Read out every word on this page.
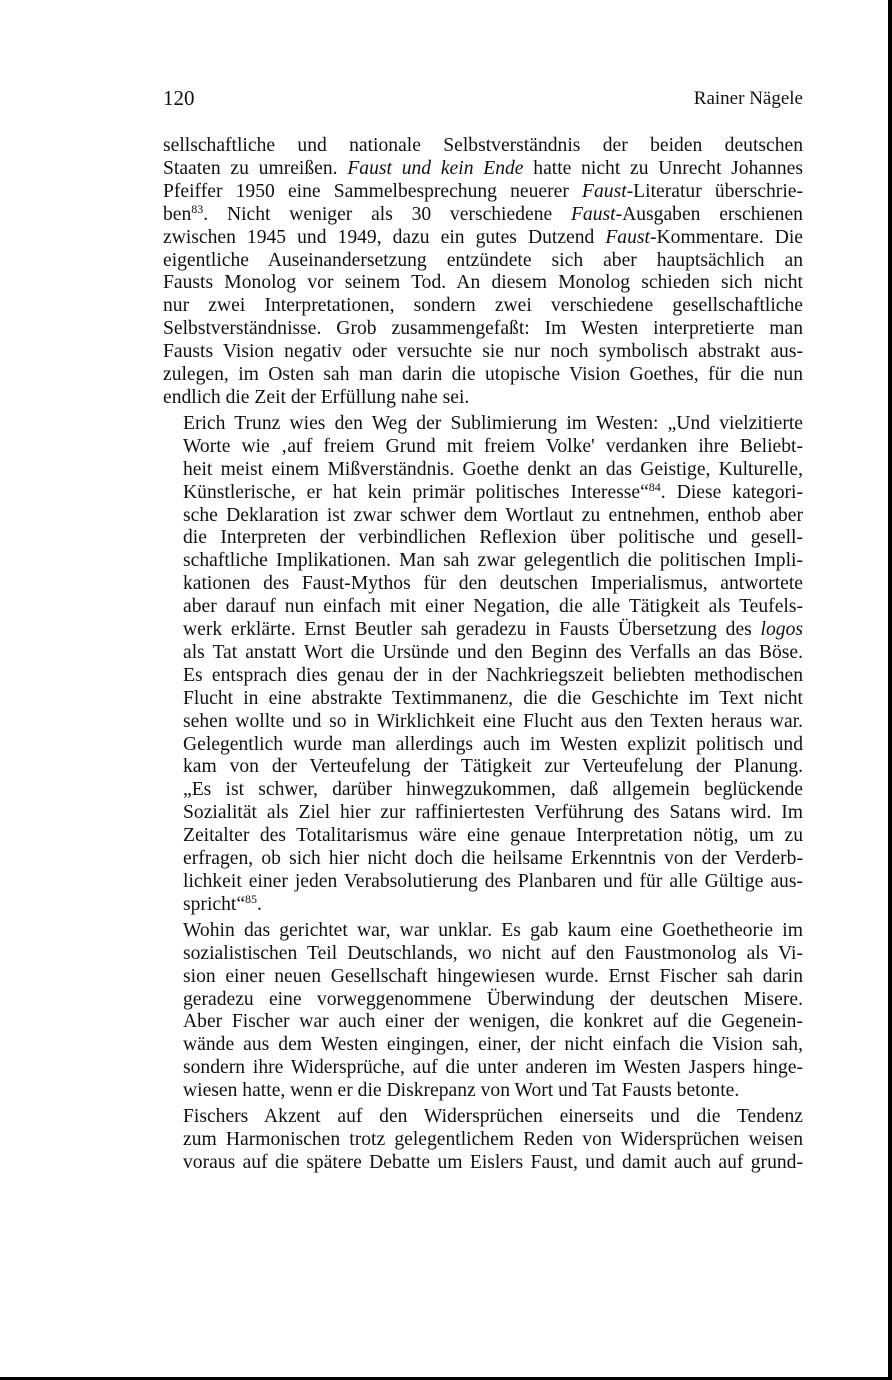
120	Rainer Nägele
sellschaftliche und nationale Selbstverständnis der beiden deutschen
Staaten zu umreißen. Faust und kein Ende hatte nicht zu Unrecht Johannes
Pfeiffer 1950 eine Sammelbesprechung neuerer Faust-Literatur überschrie-
ben$^{83}$. Nicht weniger als 30 verschiedene Faust-Ausgaben erschienen
zwischen 1945 und 1949, dazu ein gutes Dutzend Faust-Kommentare. Die
eigentliche Auseinandersetzung entzündete sich aber hauptsächlich an
Fausts Monolog vor seinem Tod. An diesem Monolog schieden sich nicht
nur zwei Interpretationen, sondern zwei verschiedene gesellschaftliche
Selbstverständnisse. Grob zusammengefaßt: Im Westen interpretierte man
Fausts Vision negativ oder versuchte sie nur noch symbolisch abstrakt aus-
zulegen, im Osten sah man darin die utopische Vision Goethes, für die nun
endlich die Zeit der Erfüllung nahe sei.
Erich Trunz wies den Weg der Sublimierung im Westen: „Und vielzitierte
Worte wie ‚auf freiem Grund mit freiem Volke' verdanken ihre Beliebt-
heit meist einem Mißverständnis. Goethe denkt an das Geistige, Kulturelle,
Künstlerische, er hat kein primär politisches Interesse“$^{84}$. Diese kategori-
sche Deklaration ist zwar schwer dem Wortlaut zu entnehmen, enthob aber
die Interpreten der verbindlichen Reflexion über politische und gesell-
schaftliche Implikationen. Man sah zwar gelegentlich die politischen Impli-
kationen des Faust-Mythos für den deutschen Imperialismus, antwortete
aber darauf nun einfach mit einer Negation, die alle Tätigkeit als Teufels-
werk erklärte. Ernst Beutler sah geradezu in Fausts Übersetzung des logos
als Tat anstatt Wort die Ursünde und den Beginn des Verfalls an das Böse.
Es entsprach dies genau der in der Nachkriegszeit beliebten methodischen
Flucht in eine abstrakte Textimmanenz, die die Geschichte im Text nicht
sehen wollte und so in Wirklichkeit eine Flucht aus den Texten heraus war.
Gelegentlich wurde man allerdings auch im Westen explizit politisch und
kam von der Verteufelung der Tätigkeit zur Verteufelung der Planung.
„Es ist schwer, darüber hinwegzukommen, daß allgemein beglückende
Sozialität als Ziel hier zur raffiniertesten Verführung des Satans wird. Im
Zeitalter des Totalitarismus wäre eine genaue Interpretation nötig, um zu
erfragen, ob sich hier nicht doch die heilsame Erkenntnis von der Verderb-
lichkeit einer jeden Verabsolutierung des Planbaren und für alle Gültige aus-
spricht“$^{85}$.
Wohin das gerichtet war, war unklar. Es gab kaum eine Goethetheorie im
sozialistischen Teil Deutschlands, wo nicht auf den Faustmonolog als Vi-
sion einer neuen Gesellschaft hingewiesen wurde. Ernst Fischer sah darin
geradezu eine vorweggenommene Überwindung der deutschen Misere.
Aber Fischer war auch einer der wenigen, die konkret auf die Gegenein-
wände aus dem Westen eingingen, einer, der nicht einfach die Vision sah,
sondern ihre Widersprüche, auf die unter anderen im Westen Jaspers hinge-
wiesen hatte, wenn er die Diskrepanz von Wort und Tat Fausts betonte.
Fischers Akzent auf den Widersprüchen einerseits und die Tendenz
zum Harmonischen trotz gelegentlichem Reden von Widersprüchen weisen
voraus auf die spätere Debatte um Eislers Faust, und damit auch auf grund-
